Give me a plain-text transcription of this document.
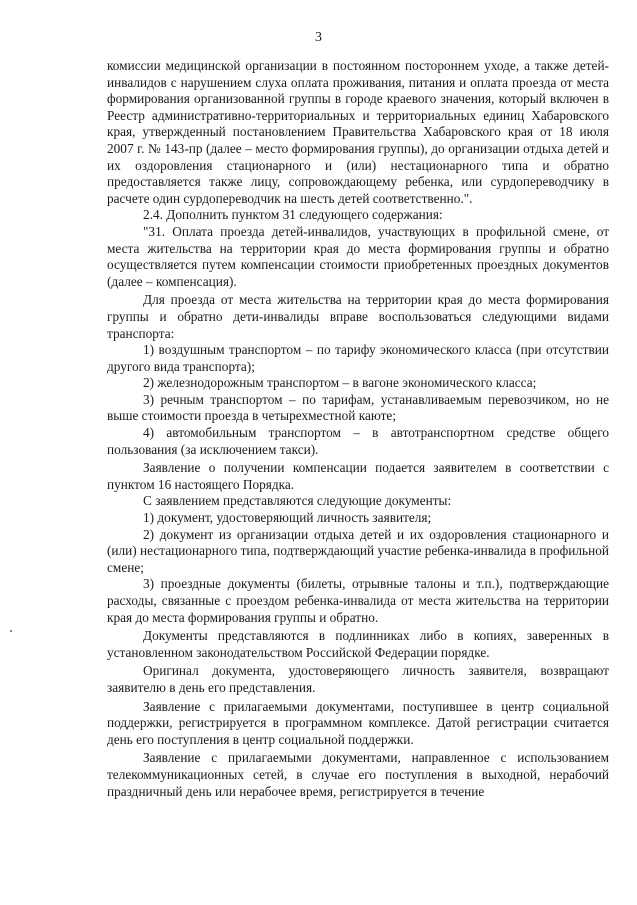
3

комиссии медицинской организации в постоянном постороннем уходе, а также детей-инвалидов с нарушением слуха оплата проживания, питания и оплата проезда от места формирования организованной группы в городе краевого значения, который включен в Реестр административно-территориальных и территориальных единиц Хабаровского края, утвержденный постановлением Правительства Хабаровского края от 18 июля 2007 г. № 143-пр (далее – место формирования группы), до организации отдыха детей и их оздоровления стационарного и (или) нестационарного типа и обратно предоставляется также лицу, сопровождающему ребенка, или сурдопереводчику в расчете один сурдопереводчик на шесть детей соответственно.".

2.4. Дополнить пунктом 31 следующего содержания:

"31. Оплата проезда детей-инвалидов, участвующих в профильной смене, от места жительства на территории края до места формирования группы и обратно осуществляется путем компенсации стоимости приобретенных проездных документов (далее – компенсация).

Для проезда от места жительства на территории края до места формирования группы и обратно дети-инвалиды вправе воспользоваться следующими видами транспорта:

1) воздушным транспортом – по тарифу экономического класса (при отсутствии другого вида транспорта);

2) железнодорожным транспортом – в вагоне экономического класса;

3) речным транспортом – по тарифам, устанавливаемым перевозчиком, но не выше стоимости проезда в четырехместной каюте;

4) автомобильным транспортом – в автотранспортном средстве общего пользования (за исключением такси).

Заявление о получении компенсации подается заявителем в соответствии с пунктом 16 настоящего Порядка.

С заявлением представляются следующие документы:

1) документ, удостоверяющий личность заявителя;

2) документ из организации отдыха детей и их оздоровления стационарного и (или) нестационарного типа, подтверждающий участие ребенка-инвалида в профильной смене;

3) проездные документы (билеты, отрывные талоны и т.п.), подтверждающие расходы, связанные с проездом ребенка-инвалида от места жительства на территории края до места формирования группы и обратно.

Документы представляются в подлинниках либо в копиях, заверенных в установленном законодательством Российской Федерации порядке.

Оригинал документа, удостоверяющего личность заявителя, возвращают заявителю в день его представления.

Заявление с прилагаемыми документами, поступившее в центр социальной поддержки, регистрируется в программном комплексе. Датой регистрации считается день его поступления в центр социальной поддержки.

Заявление с прилагаемыми документами, направленное с использованием телекоммуникационных сетей, в случае его поступления в выходной, нерабочий праздничный день или нерабочее время, регистрируется в течение
